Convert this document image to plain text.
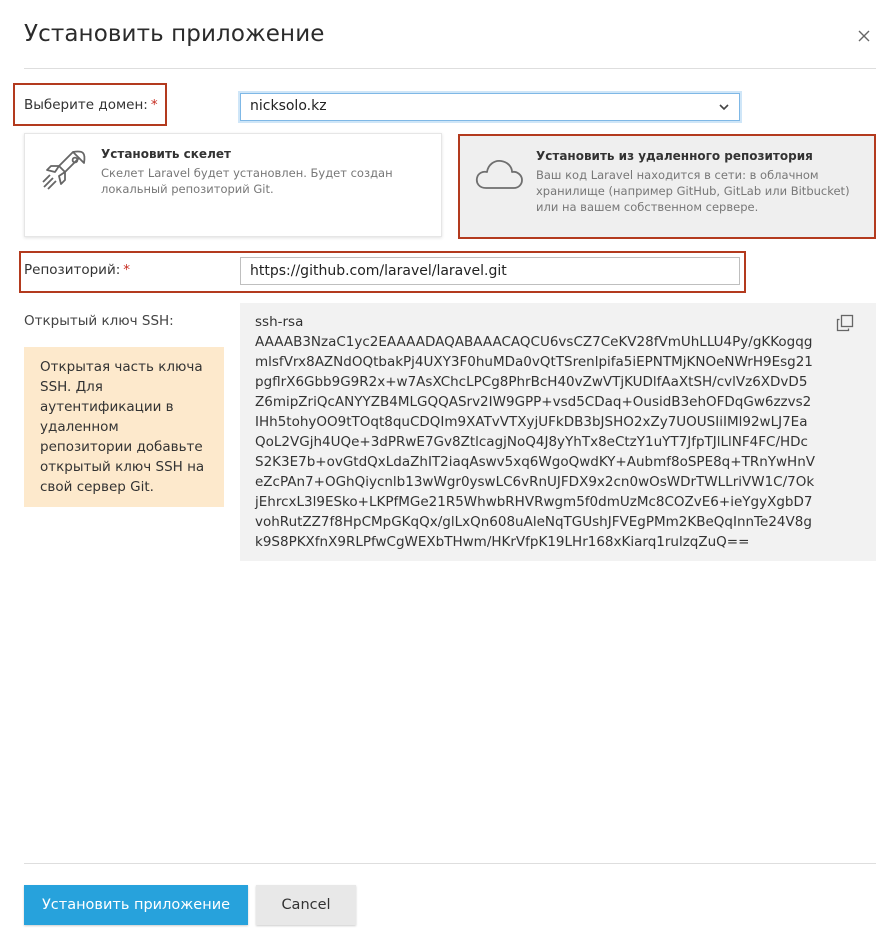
Установить приложение
Выберите домен: *	nicksolo.kz
Установить скелет
Скелет Laravel будет установлен. Будет создан локальный репозиторий Git.
Установить из удаленного репозитория
Ваш код Laravel находится в сети: в облачном хранилище (например GitHub, GitLab или Bitbucket) или на вашем собственном сервере.
Репозиторий: *
https://github.com/laravel/laravel.git
Открытый ключ SSH:
Открытая часть ключа SSH. Для аутентификации в удаленном репозитории добавьте открытый ключ SSH на свой сервер Git.
ssh-rsa
AAAAB3NzaC1yc2EAAAADAQABAAACAQCU6vsCZ7CeKV28fVmUhLLU4Py/gKKogqgmlsfVrx8AZNdOQtbakPj4UXY3F0huMDa0vQtTSrenlpifa5iEPNTMjKNOeNWrH9Esg21pgflrX6Gbb9G9R2x+w7AsXChcLPCg8PhrBcH40vZwVTjKUDlfAaXtSH/cvlVz6XDvD5Z6mipZriQcANYYZB4MLGQQASrv2IW9GPP+vsd5CDaq+OusidB3ehOFDqGw6zzvs2IHh5tohyOO9tTOqt8quCDQIm9XATvVTXyjUFkDB3bJSHO2xZy7UOUSIiIMl92wLJ7EaQoL2VGjh4UQe+3dPRwE7Gv8ZtlcagjNoQ4J8yYhTx8eCtzY1uYT7JfpTJlLlNF4FC/HDcS2K3E7b+ovGtdQxLdaZhIT2iaqAswv5xq6WgoQwdKY+Aubmf8oSPE8q+TRnYwHnVeZcPAn7+OGhQiycnlb13wWgr0yswLC6vRnUJFDX9x2cn0wOsWDrTWLLriVW1C/7OkjEhrcxL3l9ESko+LKPfMGe21R5WhwbRHVRwgm5f0dmUzMc8COZvE6+ieYgyXgbD7vohRutZZ7f8HpCMpGKqQx/glLxQn608uAleNqTGUshJFVEgPMm2KBeQqInnTe24V8gk9S8PKXfnX9RLPfwCgWEXbTHwm/HKrVfpK19LHr168xKiarq1rulzqZuQ==
Установить приложение	Cancel
